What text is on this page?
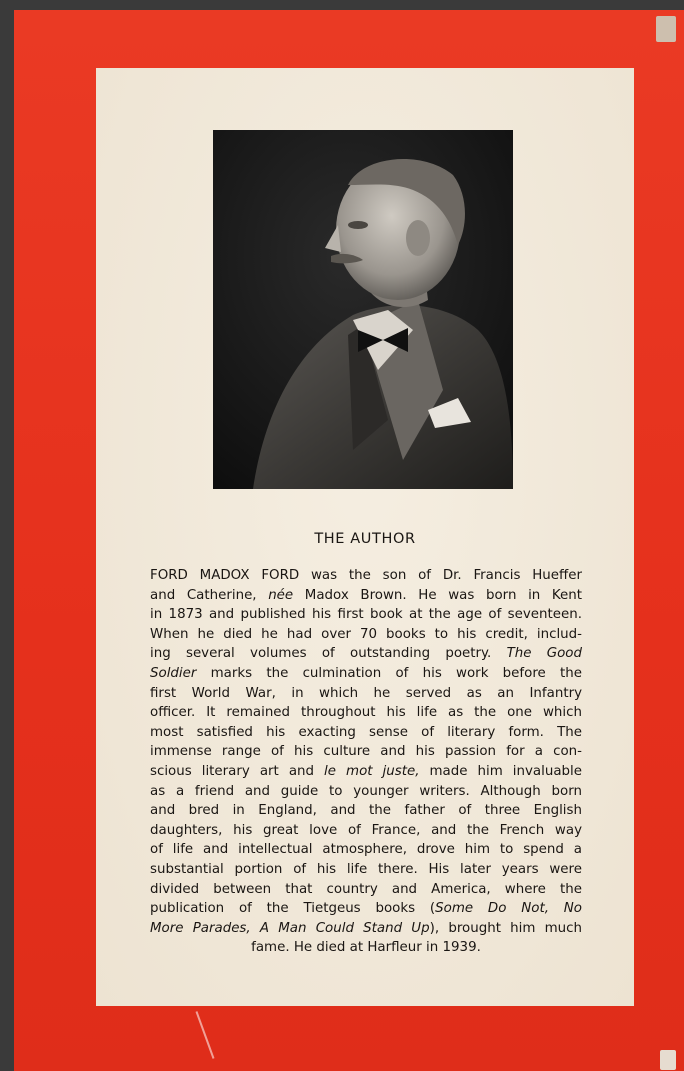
THE AUTHOR
FORD MADOX FORD was the son of Dr. Francis Hueffer
and Catherine, née Madox Brown. He was born in Kent
in 1873 and published his first book at the age of seventeen.
When he died he had over 70 books to his credit, includ-
ing several volumes of outstanding poetry. The Good
Soldier marks the culmination of his work before the
first World War, in which he served as an Infantry
officer. It remained throughout his life as the one which
most satisfied his exacting sense of literary form. The
immense range of his culture and his passion for a con-
scious literary art and le mot juste, made him invaluable
as a friend and guide to younger writers. Although born
and bred in England, and the father of three English
daughters, his great love of France, and the French way
of life and intellectual atmosphere, drove him to spend a
substantial portion of his life there. His later years were
divided between that country and America, where the
publication of the Tietgeus books (Some Do Not, No
More Parades, A Man Could Stand Up), brought him much
fame. He died at Harfleur in 1939.
